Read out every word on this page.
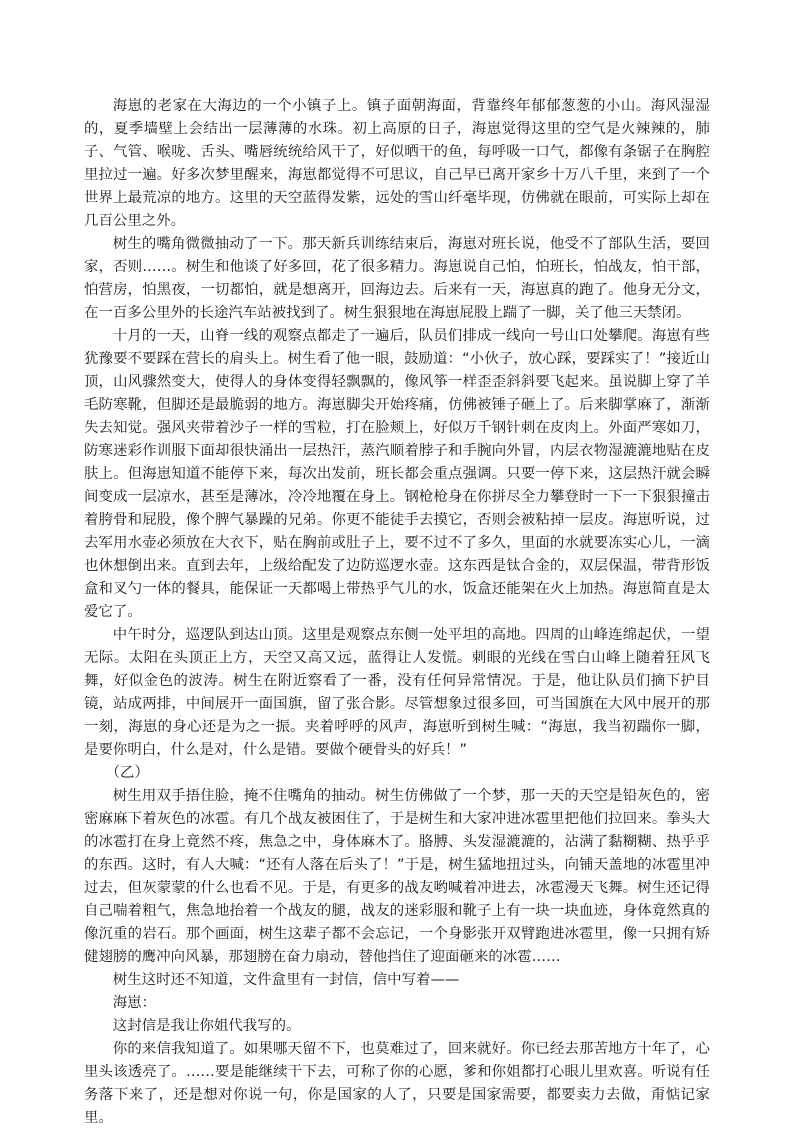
海崽的老家在大海边的一个小镇子上。镇子面朝海面，背靠终年郁郁葱葱的小山。海风湿湿的，夏季墙壁上会结出一层薄薄的水珠。初上高原的日子，海崽觉得这里的空气是火辣辣的，肺子、气管、喉咙、舌头、嘴唇统统给风干了，好似晒干的鱼，每呼吸一口气，都像有条锯子在胸腔里拉过一遍。好多次梦里醒来，海崽都觉得不可思议，自己早已离开家乡十万八千里，来到了一个世界上最荒凉的地方。这里的天空蓝得发紫，远处的雪山纤毫毕现，仿佛就在眼前，可实际上却在几百公里之外。

树生的嘴角微微抽动了一下。那天新兵训练结束后，海崽对班长说，他受不了部队生活，要回家，否则……。树生和他谈了好多回，花了很多精力。海崽说自己怕，怕班长，怕战友，怕干部，怕营房，怕黑夜，一切都怕，就是想离开，回海边去。后来有一天，海崽真的跑了。他身无分文，在一百多公里外的长途汽车站被找到了。树生狠狠地在海崽屁股上踹了一脚，关了他三天禁闭。

十月的一天，山脊一线的观察点都走了一遍后，队员们排成一线向一号山口处攀爬。海崽有些犹豫要不要踩在营长的肩头上。树生看了他一眼，鼓励道：“小伙子，放心踩，要踩实了！”接近山顶，山风骤然变大，使得人的身体变得轻飘飘的，像风筝一样歪歪斜斜要飞起来。虽说脚上穿了羊毛防寒靴，但脚还是最脆弱的地方。海崽脚尖开始疼痛，仿佛被锤子砸上了。后来脚掌麻了，渐渐失去知觉。强风夹带着沙子一样的雪粒，打在脸颊上，好似万千钢针刺在皮肉上。外面严寒如刀，防寒迷彩作训服下面却很快涌出一层热汗，蒸汽顺着脖子和手腕向外冒，内层衣物湿漉漉地贴在皮肤上。但海崽知道不能停下来，每次出发前，班长都会重点强调。只要一停下来，这层热汗就会瞬间变成一层凉水，甚至是薄冰，冷冷地覆在身上。钢枪枪身在你拼尽全力攀登时一下一下狠狠撞击着胯骨和屁股，像个脾气暴躁的兄弟。你更不能徒手去摸它，否则会被粘掉一层皮。海崽听说，过去军用水壶必须放在大衣下，贴在胸前或肚子上，要不过不了多久，里面的水就要冻实心儿，一滴也休想倒出来。直到去年，上级给配发了边防巡逻水壶。这东西是钛合金的，双层保温，带背形饭盒和叉勺一体的餐具，能保证一天都喝上带热乎气儿的水，饭盒还能架在火上加热。海崽简直是太爱它了。

中午时分，巡逻队到达山顶。这里是观察点东侧一处平坦的高地。四周的山峰连绵起伏，一望无际。太阳在头顶正上方，天空又高又远，蓝得让人发慌。刺眼的光线在雪白山峰上随着狂风飞舞，好似金色的波涛。树生在附近察看了一番，没有任何异常情况。于是，他让队员们摘下护目镜，站成两排，中间展开一面国旗，留了张合影。尽管想象过很多回，可当国旗在大风中展开的那一刻，海崽的身心还是为之一振。夹着呼呼的风声，海崽听到树生喊：“海崽，我当初踹你一脚，是要你明白，什么是对，什么是错。要做个硬骨头的好兵！”

（乙）

树生用双手捂住脸，掩不住嘴角的抽动。树生仿佛做了一个梦，那一天的天空是铅灰色的，密密麻麻下着灰色的冰雹。有几个战友被困住了，于是树生和大家冲进冰雹里把他们拉回来。拳头大的冰雹打在身上竟然不疼，焦急之中，身体麻木了。胳膊、头发湿漉漉的，沾满了黏糊糊、热乎乎的东西。这时，有人大喊：“还有人落在后头了！”于是，树生猛地扭过头，向铺天盖地的冰雹里冲过去，但灰蒙蒙的什么也看不见。于是，有更多的战友哟喊着冲进去，冰雹漫天飞舞。树生还记得自己喘着粗气，焦急地抬着一个战友的腿，战友的迷彩服和靴子上有一块一块血迹，身体竟然真的像沉重的岩石。那个画面，树生这辈子都不会忘记，一个身影张开双臂跑进冰雹里，像一只拥有矫健翅膀的鹰冲向风暴，那翅膀在奋力扇动，替他挡住了迎面砸来的冰雹……

树生这时还不知道，文件盒里有一封信，信中写着——

海崽：

这封信是我让你姐代我写的。

你的来信我知道了。如果哪天留不下，也莫难过了，回来就好。你已经去那苦地方十年了，心里头该透亮了。……要是能继续干下去，可称了你的心愿，爹和你姐都打心眼儿里欢喜。听说有任务落下来了，还是想对你说一句，你是国家的人了，只要是国家需要，都要卖力去做，甭惦记家里。
